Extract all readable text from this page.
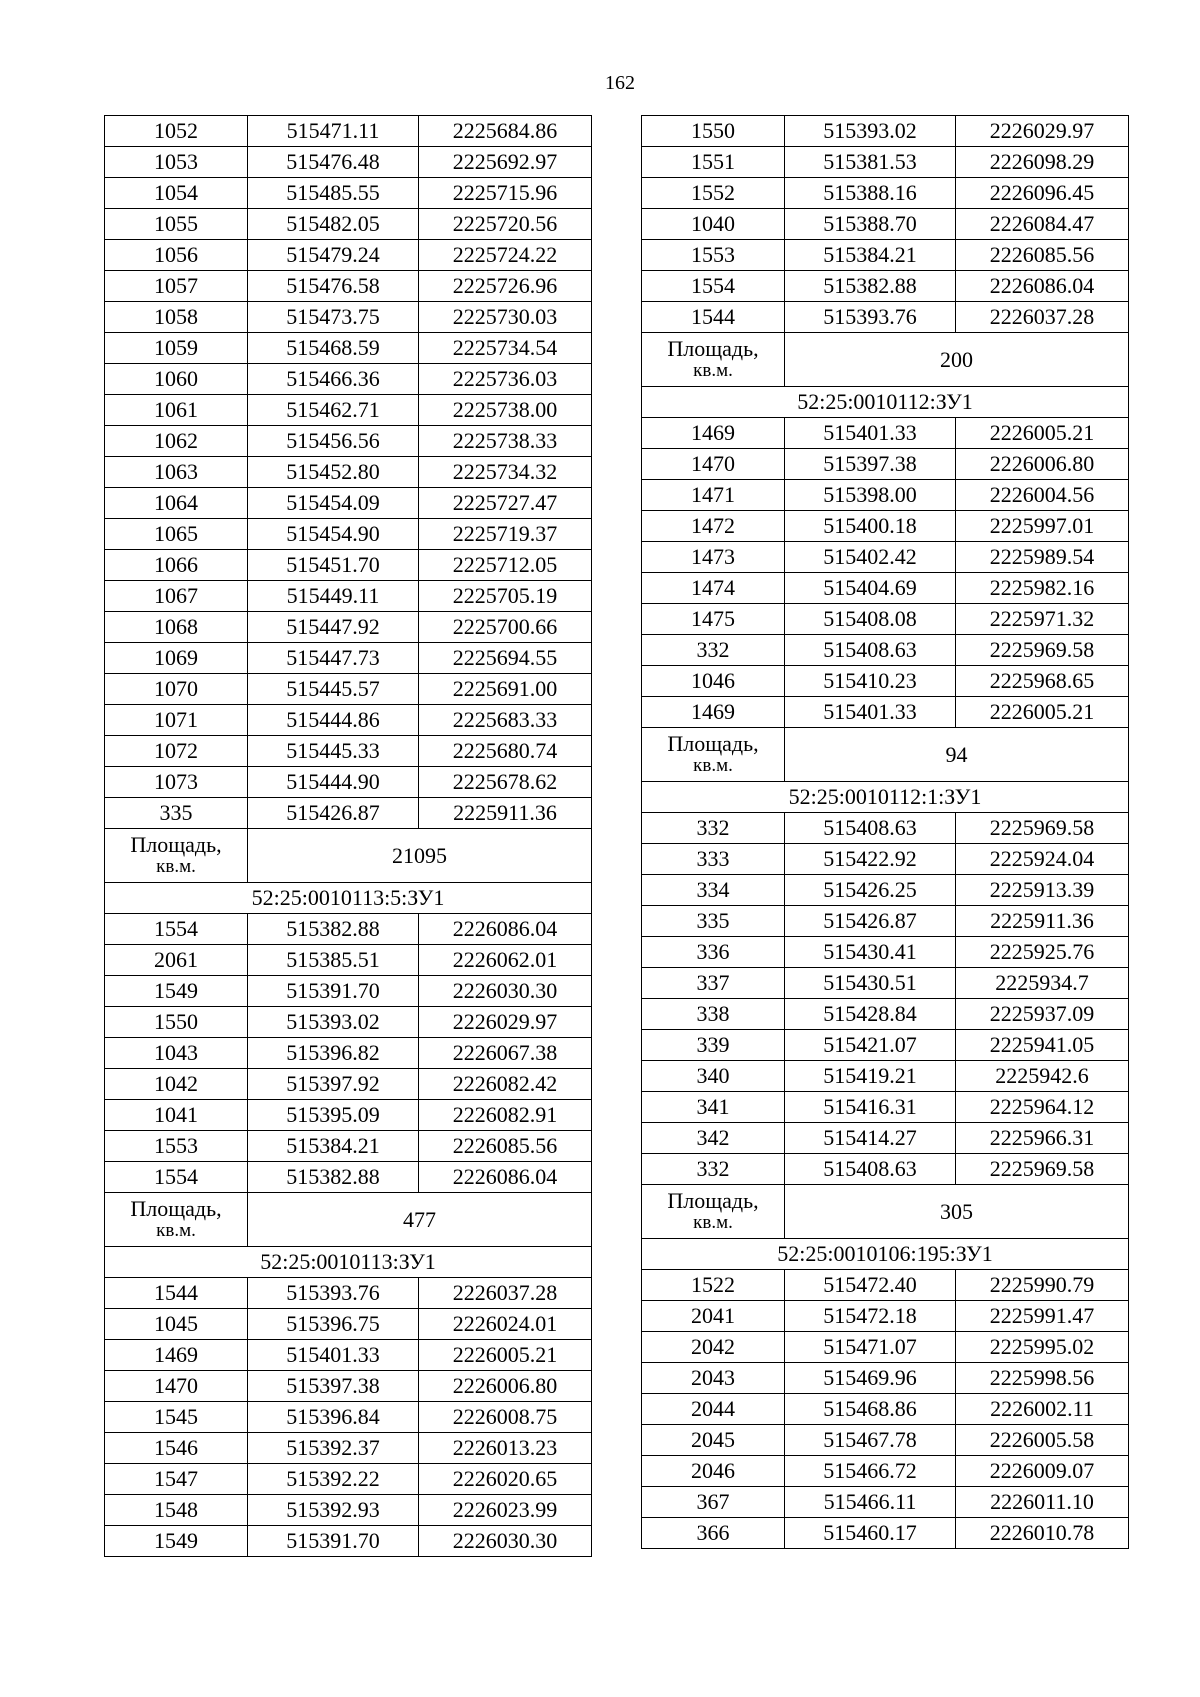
162
1052	515471.11	2225684.86
1053	515476.48	2225692.97
1054	515485.55	2225715.96
1055	515482.05	2225720.56
1056	515479.24	2225724.22
1057	515476.58	2225726.96
1058	515473.75	2225730.03
1059	515468.59	2225734.54
1060	515466.36	2225736.03
1061	515462.71	2225738.00
1062	515456.56	2225738.33
1063	515452.80	2225734.32
1064	515454.09	2225727.47
1065	515454.90	2225719.37
1066	515451.70	2225712.05
1067	515449.11	2225705.19
1068	515447.92	2225700.66
1069	515447.73	2225694.55
1070	515445.57	2225691.00
1071	515444.86	2225683.33
1072	515445.33	2225680.74
1073	515444.90	2225678.62
335	515426.87	2225911.36

Площадь,
кв.м.	21095	
52:25:0010113:5:ЗУ1		
1554	515382.88	2226086.04
2061	515385.51	2226062.01
1549	515391.70	2226030.30
1550	515393.02	2226029.97
1043	515396.82	2226067.38
1042	515397.92	2226082.42
1041	515395.09	2226082.91
1553	515384.21	2226085.56
1554	515382.88	2226086.04

Площадь,
кв.м.	477	
52:25:0010113:ЗУ1		
1544	515393.76	2226037.28
1045	515396.75	2226024.01
1469	515401.33	2226005.21
1470	515397.38	2226006.80
1545	515396.84	2226008.75
1546	515392.37	2226013.23
1547	515392.22	2226020.65
1548	515392.93	2226023.99
1549	515391.70	2226030.30
1550	515393.02	2226029.97
1551	515381.53	2226098.29
1552	515388.16	2226096.45
1040	515388.70	2226084.47
1553	515384.21	2226085.56
1554	515382.88	2226086.04
1544	515393.76	2226037.28

Площадь,
кв.м.	200	
52:25:0010112:ЗУ1		
1469	515401.33	2226005.21
1470	515397.38	2226006.80
1471	515398.00	2226004.56
1472	515400.18	2225997.01
1473	515402.42	2225989.54
1474	515404.69	2225982.16
1475	515408.08	2225971.32
332	515408.63	2225969.58
1046	515410.23	2225968.65
1469	515401.33	2226005.21

Площадь,
кв.м.	94	
52:25:0010112:1:ЗУ1		
332	515408.63	2225969.58
333	515422.92	2225924.04
334	515426.25	2225913.39
335	515426.87	2225911.36
336	515430.41	2225925.76
337	515430.51	2225934.7
338	515428.84	2225937.09
339	515421.07	2225941.05
340	515419.21	2225942.6
341	515416.31	2225964.12
342	515414.27	2225966.31
332	515408.63	2225969.58

Площадь,
кв.м.	305	
52:25:0010106:195:ЗУ1		
1522	515472.40	2225990.79
2041	515472.18	2225991.47
2042	515471.07	2225995.02
2043	515469.96	2225998.56
2044	515468.86	2226002.11
2045	515467.78	2226005.58
2046	515466.72	2226009.07
367	515466.11	2226011.10
366	515460.17	2226010.78
